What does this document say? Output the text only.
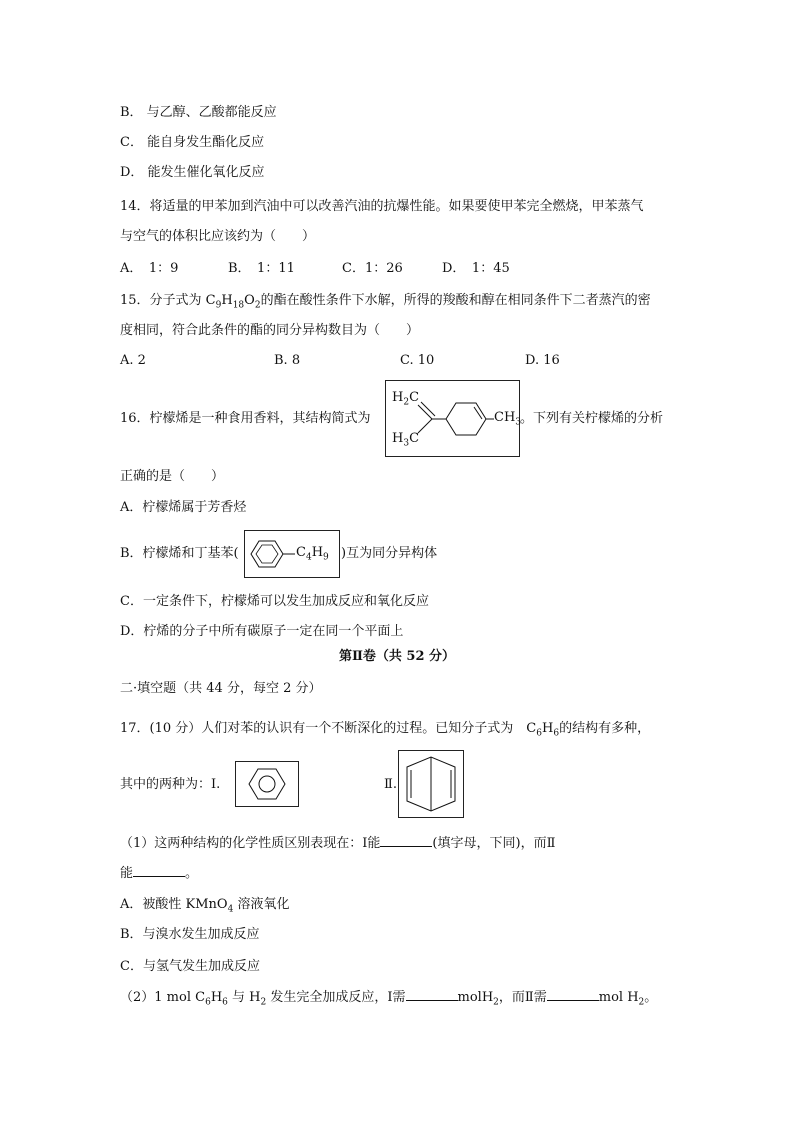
B． 与乙醇、乙酸都能反应
C． 能自身发生酯化反应
D． 能发生催化氧化反应
14．将适量的甲苯加到汽油中可以改善汽油的抗爆性能。如果要使甲苯完全燃烧，甲苯蒸气
与空气的体积比应该约为（　　）
A．　1：9	B．　1：11	C．1：26	D．　1：45
15．分子式为 $C_9H_{18}O_2$的酯在酸性条件下水解，所得的羧酸和醇在相同条件下二者蒸汽的密
度相同，符合此条件的酯的同分异构数目为（　　）
A. 2	B. 8	C. 10	D. 16
16．柠檬烯是一种食用香料，其结构简式为
$H_2C$
$H_3C$
$CH_3$
。下列有关柠檬烯的分析
正确的是（　　）
A．柠檬烯属于芳香烃
B．柠檬烯和丁基苯(	$C_4H_9$ )互为同分异构体
C．一定条件下，柠檬烯可以发生加成反应和氧化反应
D．柠烯的分子中所有碳原子一定在同一个平面上
第Ⅱ卷（共 52 分）
二·填空题（共 44 分，每空 2 分）
17．(10 分）人们对苯的认识有一个不断深化的过程。已知分子式为　$C_6H_6$的结构有多种，
其中的两种为：Ⅰ.	Ⅱ.
（1）这两种结构的化学性质区别表现在：Ⅰ能	(填字母，下同)，而Ⅱ
能	。
A．被酸性 KMnO$_4$ 溶液氧化
B．与溴水发生加成反应
C．与氢气发生加成反应
（2）1 mol $C_6H_6$ 与 $H_2$ 发生完全加成反应，Ⅰ需	molH$_2$，而Ⅱ需	mol $H_2$。
